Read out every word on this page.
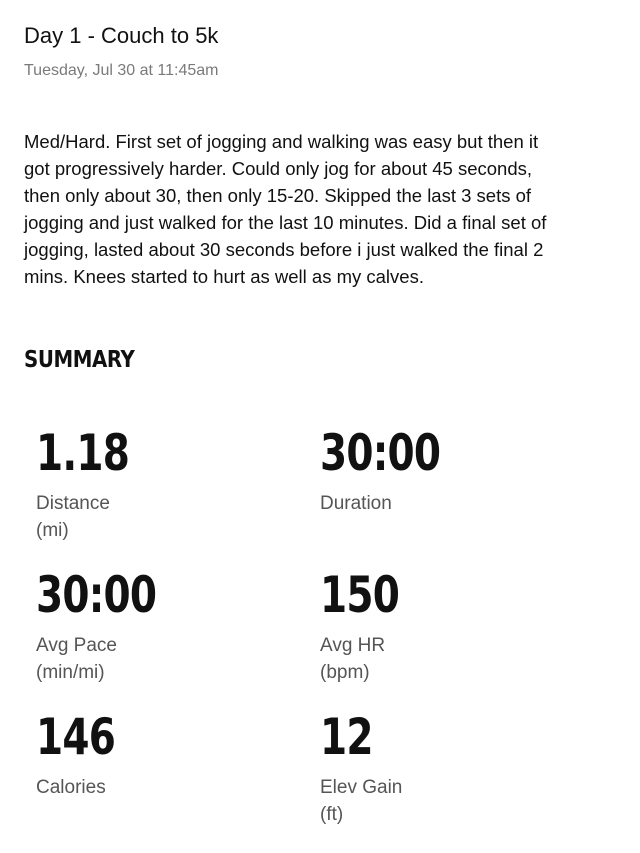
Day 1 - Couch to 5k
Tuesday, Jul 30 at 11:45am
Med/Hard. First set of jogging and walking was easy but then it
got progressively harder. Could only jog for about 45 seconds,
then only about 30, then only 15-20. Skipped the last 3 sets of
jogging and just walked for the last 10 minutes. Did a final set of
jogging, lasted about 30 seconds before i just walked the final 2
mins. Knees started to hurt as well as my calves.
SUMMARY
1.18
Distance
(mi)
30:00
Duration
30:00
Avg Pace
(min/mi)
150
Avg HR
(bpm)
146
Calories
12
Elev Gain
(ft)
